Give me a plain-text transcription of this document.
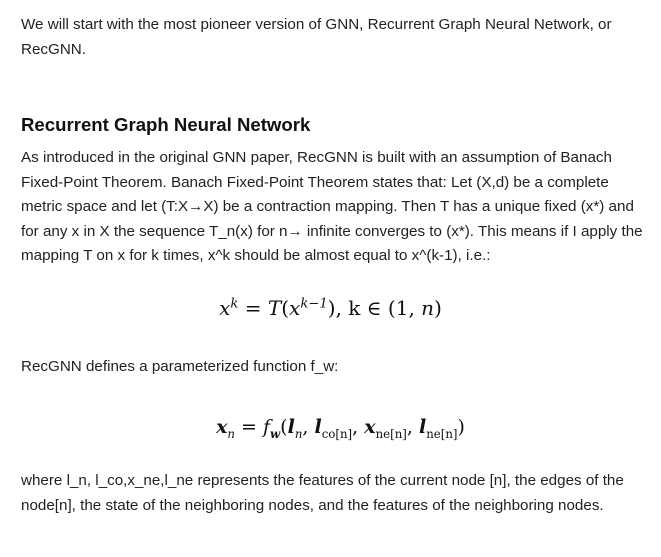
We will start with the most pioneer version of GNN, Recurrent Graph Neural Network, or RecGNN.

Recurrent Graph Neural Network

As introduced in the original GNN paper, RecGNN is built with an assumption of Banach Fixed-Point Theorem. Banach Fixed-Point Theorem states that: Let (X,d) be a complete metric space and let (T:X→X) be a contraction mapping. Then T has a unique fixed (x*) and for any x in X the sequence T_n(x) for n→ infinite converges to (x*). This means if I apply the mapping T on x for k times, x^k should be almost equal to x^(k-1), i.e.:

$x^k = T(x^{k-1})$, k ∈ (1, n)

RecGNN defines a parameterized function f_w:

$x_n = f_w(l_n$, $l_{co[n]}$, $x_{ne[n]}$, $l_{ne[n]}$)

where l_n, l_co,x_ne,l_ne represents the features of the current node [n], the edges of the node[n], the state of the neighboring nodes, and the features of the neighboring nodes.
